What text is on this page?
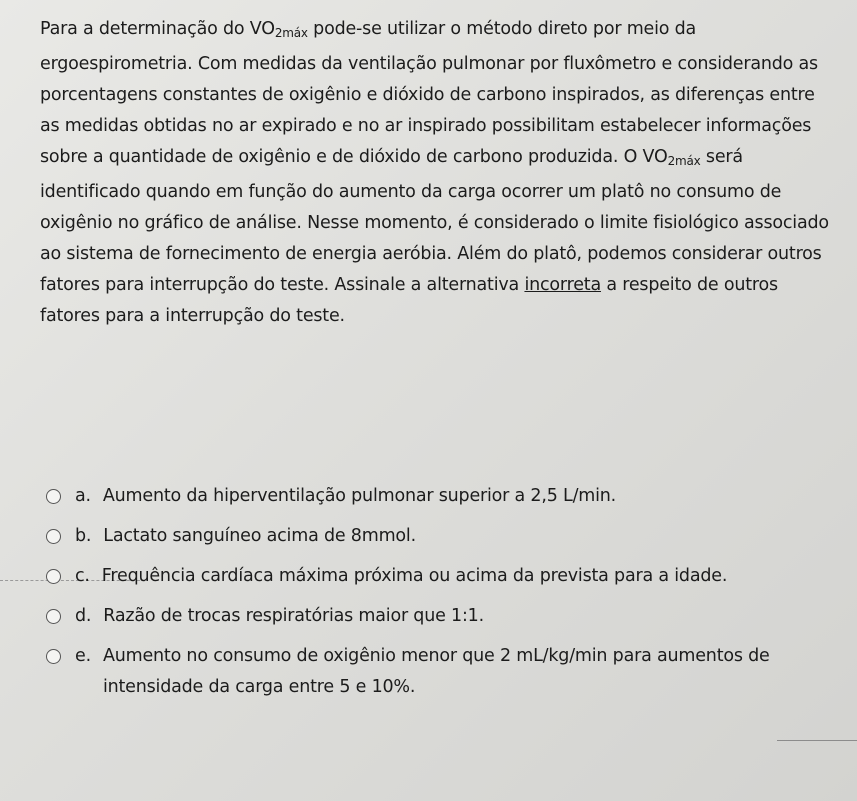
Para a determinação do $VO_{2máx}$ pode-se utilizar o método direto por meio da ergoespirometria. Com medidas da ventilação pulmonar por fluxômetro e considerando as porcentagens constantes de oxigênio e dióxido de carbono inspirados, as diferenças entre as medidas obtidas no ar expirado e no ar inspirado possibilitam estabelecer informações sobre a quantidade de oxigênio e de dióxido de carbono produzida. O $VO_{2máx}$ será identificado quando em função do aumento da carga ocorrer um platô no consumo de oxigênio no gráfico de análise. Nesse momento, é considerado o limite fisiológico associado ao sistema de fornecimento de energia aeróbia. Além do platô, podemos considerar outros fatores para interrupção do teste. Assinale a alternativa incorreta a respeito de outros fatores para a interrupção do teste.

a. Aumento da hiperventilação pulmonar superior a 2,5 L/min.
b. Lactato sanguíneo acima de 8mmol.
c. Frequência cardíaca máxima próxima ou acima da prevista para a idade.
d. Razão de trocas respiratórias maior que 1:1.
e. Aumento no consumo de oxigênio menor que 2 mL/kg/min para aumentos de intensidade da carga entre 5 e 10%.
